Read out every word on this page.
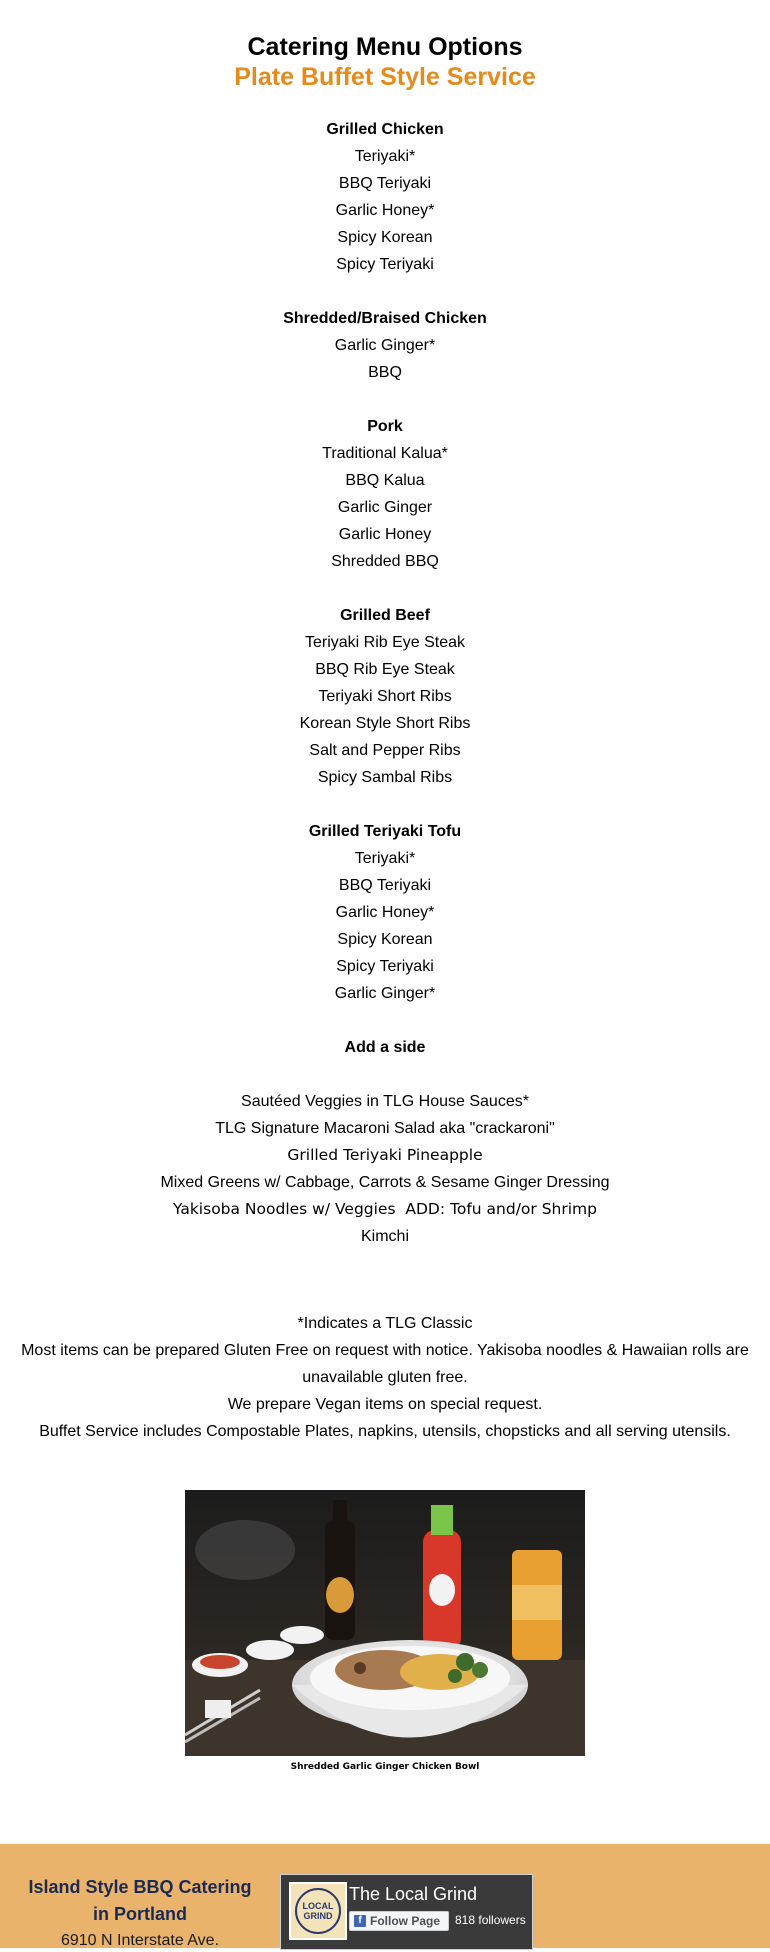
Catering Menu Options
Plate Buffet Style Service

Grilled Chicken

Teriyaki*

BBQ Teriyaki

Garlic Honey*

Spicy Korean

Spicy Teriyaki

Shredded/Braised Chicken

Garlic Ginger*

BBQ

Pork

Traditional Kalua*

BBQ Kalua

Garlic Ginger

Garlic Honey

Shredded BBQ

Grilled Beef

Teriyaki Rib Eye Steak

BBQ Rib Eye Steak

Teriyaki Short Ribs

Korean Style Short Ribs

Salt and Pepper Ribs

Spicy Sambal Ribs

Grilled Teriyaki Tofu

Teriyaki*

BBQ Teriyaki

Garlic Honey*

Spicy Korean

Spicy Teriyaki

Garlic Ginger*

Add a side

Sautéed Veggies in TLG House Sauces*

TLG Signature Macaroni Salad aka "crackaroni"

Grilled Teriyaki Pineapple

Mixed Greens w/ Cabbage, Carrots & Sesame Ginger Dressing

Yakisoba Noodles w/ Veggies  ADD: Tofu and/or Shrimp

Kimchi

*Indicates a TLG Classic

Most items can be prepared Gluten Free on request with notice. Yakisoba noodles & Hawaiian rolls are unavailable gluten free.

We prepare Vegan items on special request.

Buffet Service includes Compostable Plates, napkins, utensils, chopsticks and all serving utensils.

Shredded Garlic Ginger Chicken Bowl

Island Style BBQ Catering in Portland

6910 N Interstate Ave.

LOCAL
GRIND
The Local Grind
f Follow Page 818 followers
